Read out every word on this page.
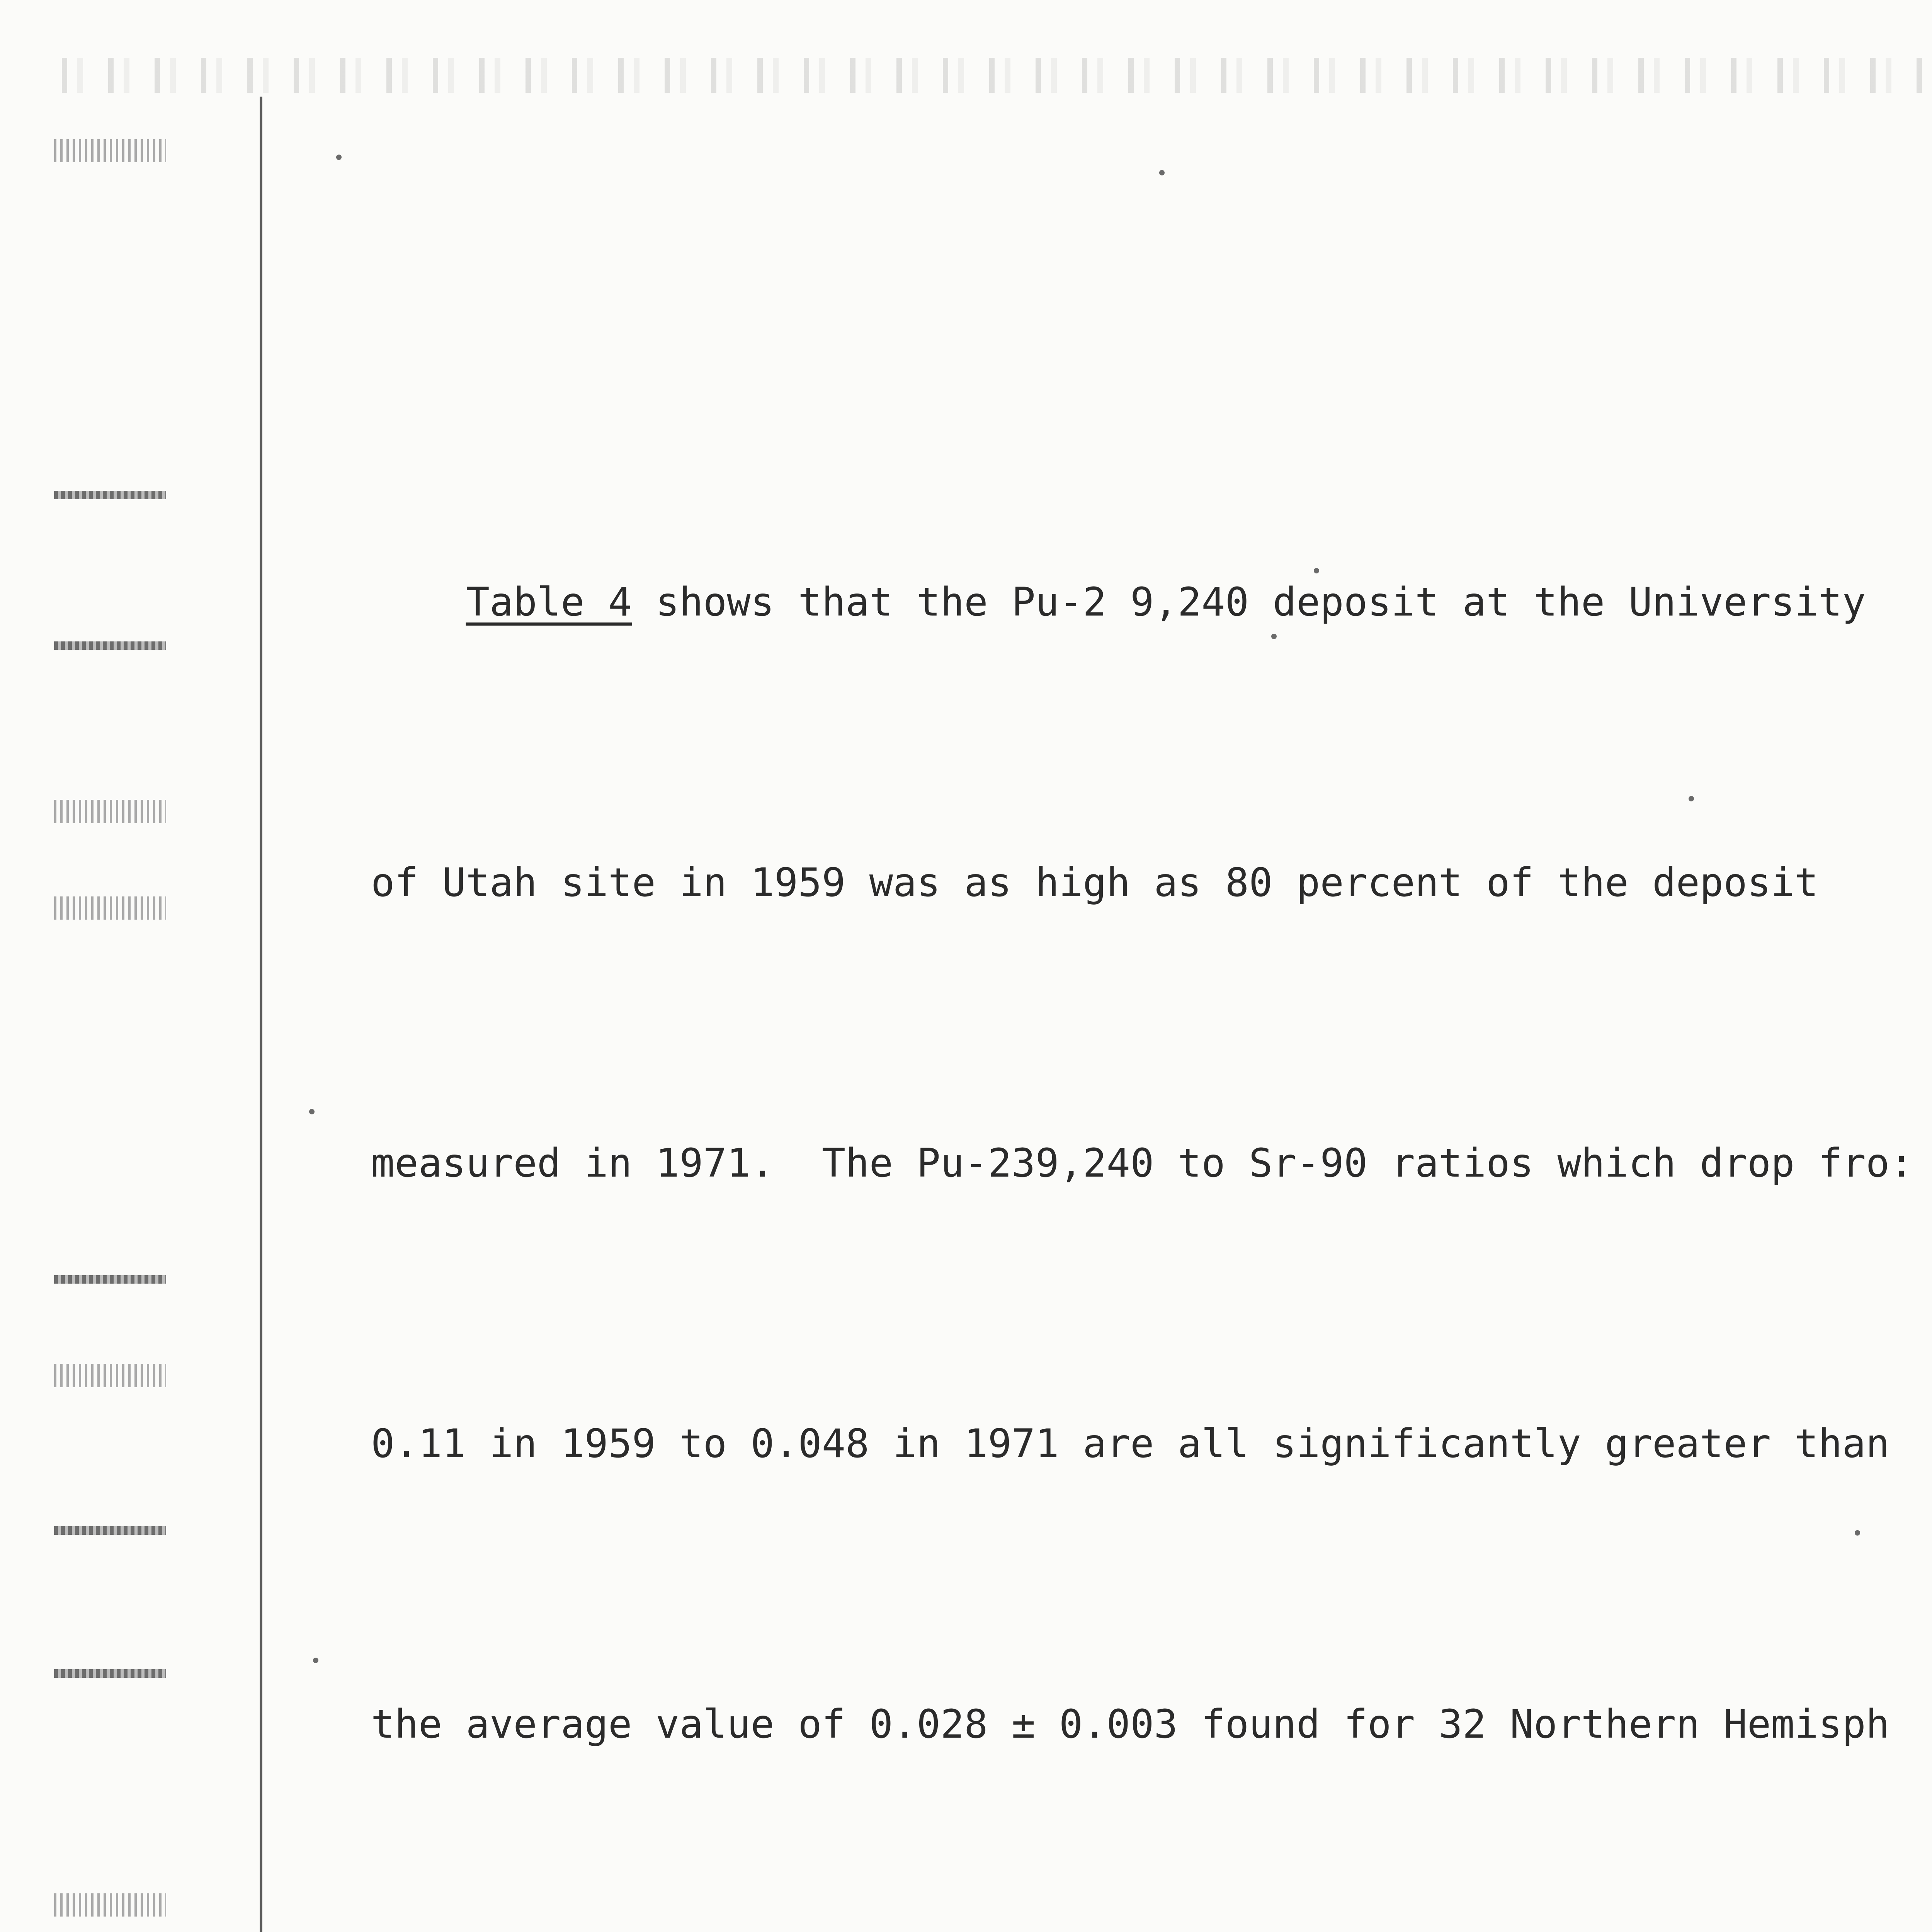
Table 4 shows that the Pu-2 9,240 deposit at the University

of Utah site in 1959 was as high as 80 percent of the deposit

measured in 1971.  The Pu-239,240 to Sr-90 ratios which drop fro:

0.11 in 1959 to 0.048 in 1971 are all significantly greater than

the average value of 0.028 ± 0.003 found for 32 Northern Hemisph
